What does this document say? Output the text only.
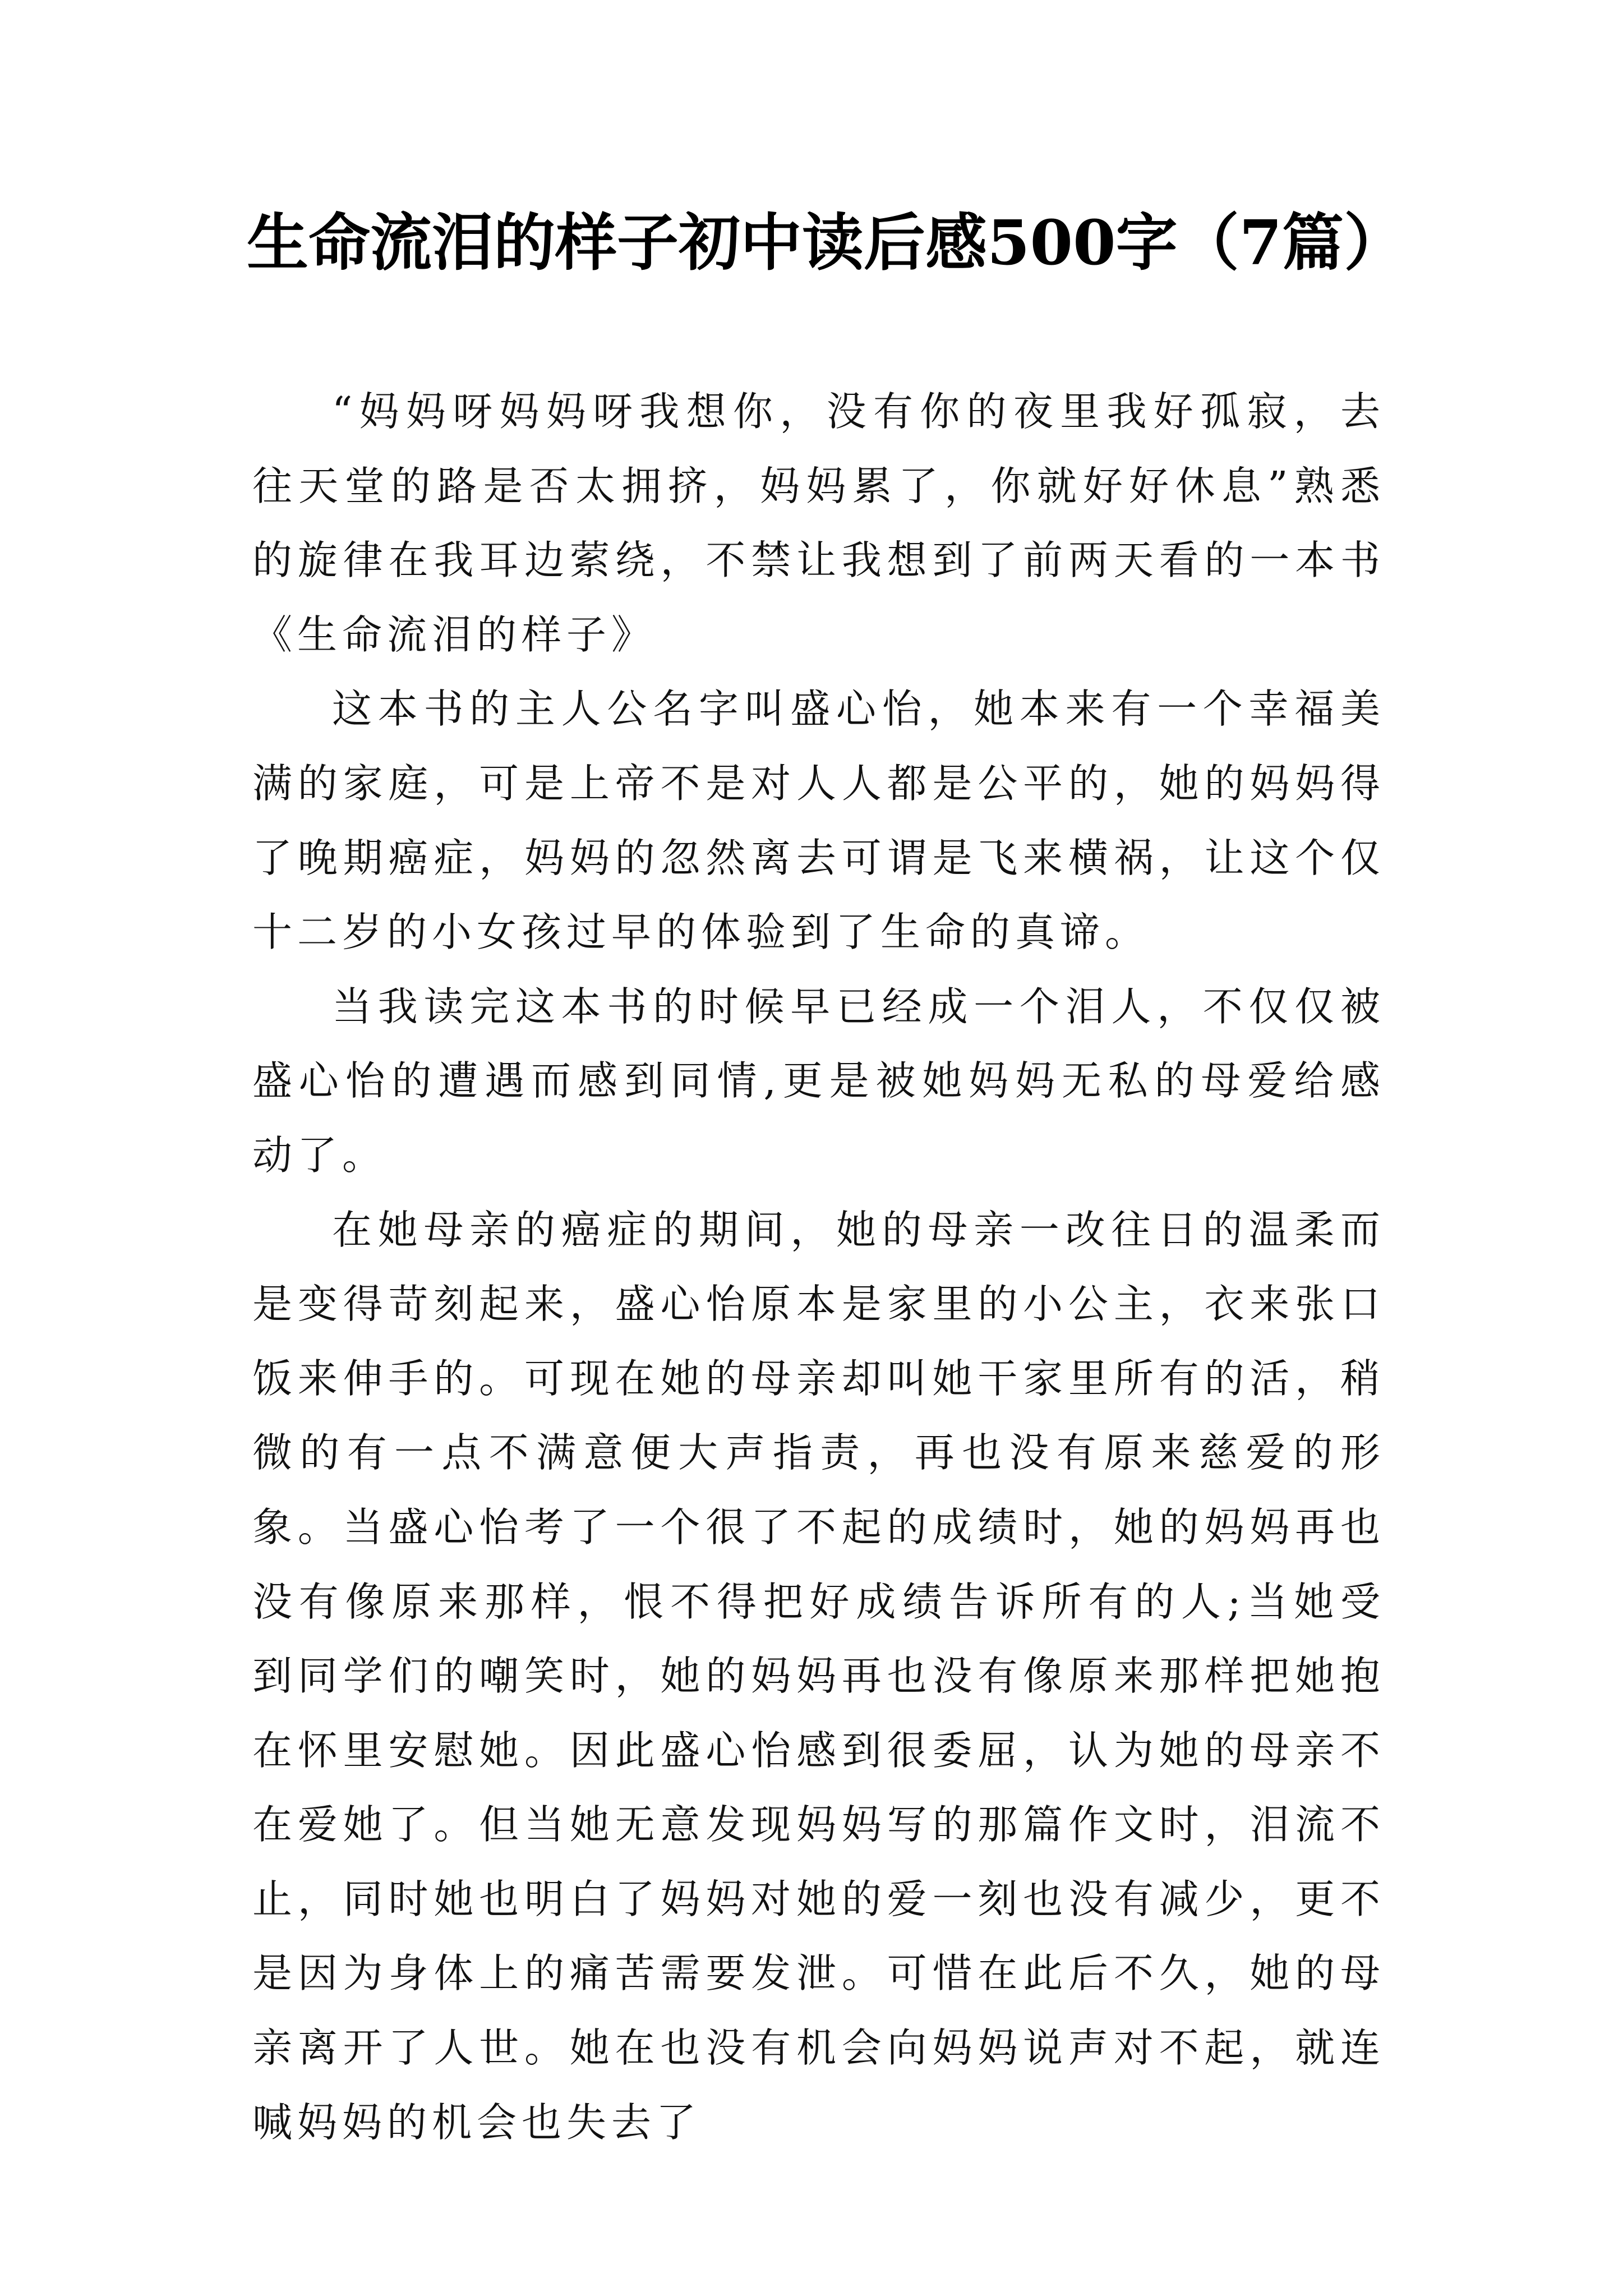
生命流泪的样子初中读后感500字（7篇）

“妈妈呀妈妈呀我想你，没有你的夜里我好孤寂，去往天堂的路是否太拥挤，妈妈累了，你就好好休息”熟悉的旋律在我耳边萦绕，不禁让我想到了前两天看的一本书《生命流泪的样子》

这本书的主人公名字叫盛心怡，她本来有一个幸福美满的家庭，可是上帝不是对人人都是公平的，她的妈妈得了晚期癌症，妈妈的忽然离去可谓是飞来横祸，让这个仅十二岁的小女孩过早的体验到了生命的真谛。

当我读完这本书的时候早已经成一个泪人，不仅仅被盛心怡的遭遇而感到同情,更是被她妈妈无私的母爱给感动了。

在她母亲的癌症的期间，她的母亲一改往日的温柔而是变得苛刻起来，盛心怡原本是家里的小公主，衣来张口饭来伸手的。可现在她的母亲却叫她干家里所有的活，稍微的有一点不满意便大声指责，再也没有原来慈爱的形象。当盛心怡考了一个很了不起的成绩时，她的妈妈再也没有像原来那样，恨不得把好成绩告诉所有的人;当她受到同学们的嘲笑时，她的妈妈再也没有像原来那样把她抱在怀里安慰她。因此盛心怡感到很委屈，认为她的母亲不在爱她了。但当她无意发现妈妈写的那篇作文时，泪流不止，同时她也明白了妈妈对她的爱一刻也没有减少，更不是因为身体上的痛苦需要发泄。可惜在此后不久，她的母亲离开了人世。她在也没有机会向妈妈说声对不起，就连喊妈妈的机会也失去了
